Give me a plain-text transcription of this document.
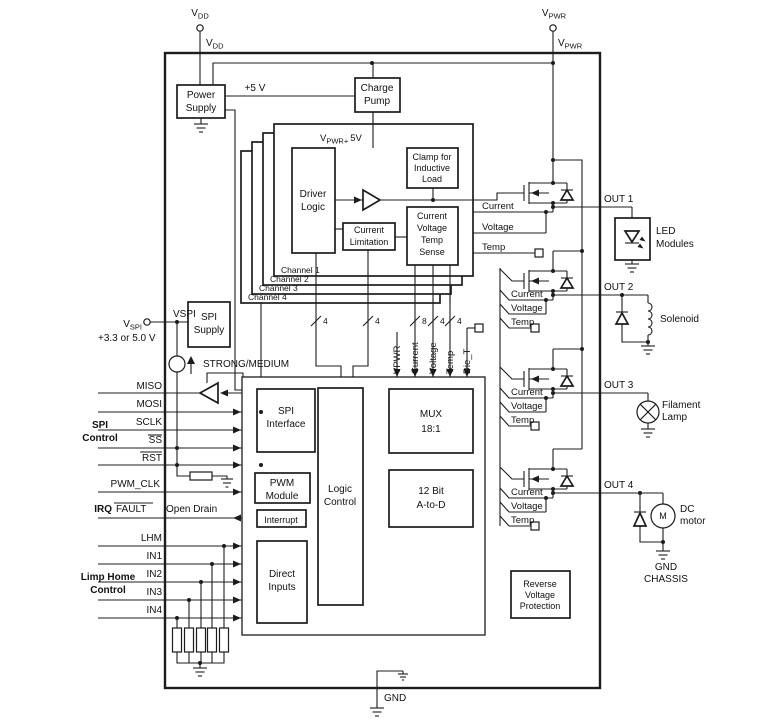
$V_{DD}$
$V_{DD}$
$V_{PWR}$
$V_{PWR}$
$V_{SPI}$
VSPI
+3.3 or 5.0 V
+5 V
GND
Power
Supply
Charge
Pump
SPI
Supply
Driver
Logic
Clamp for
Inductive
Load
Current
Limitation
Current
Voltage
Temp
Sense
SPI
Interface
PWM
Module
Interrupt
Direct
Inputs
Logic
Control
MUX
18:1
12 Bit
A-to-D
Reverse
Voltage
Protection
$V_{PWR+}$ 5V
Channel 1
Channel 2
Channel 3
Channel 4
MISO
MOSI
SCLK
SS
RST
SPI
Control
PWM_CLK
IRQ FAULT Open Drain
LHM
IN1
IN2
IN3
IN4
Limp Home
Control
STRONG/MEDIUM	VPWR Current Voltage Temp Die_T
4	4	8 4 4
Current
Voltage
Temp
Current
Voltage
Temp
Current
Voltage
Temp
Current
Voltage
Temp
OUT 1
OUT 2
OUT 3
OUT 4
LED
Modules
Solenoid
Filament
Lamp
DC
motor
M
GND
CHASSIS
